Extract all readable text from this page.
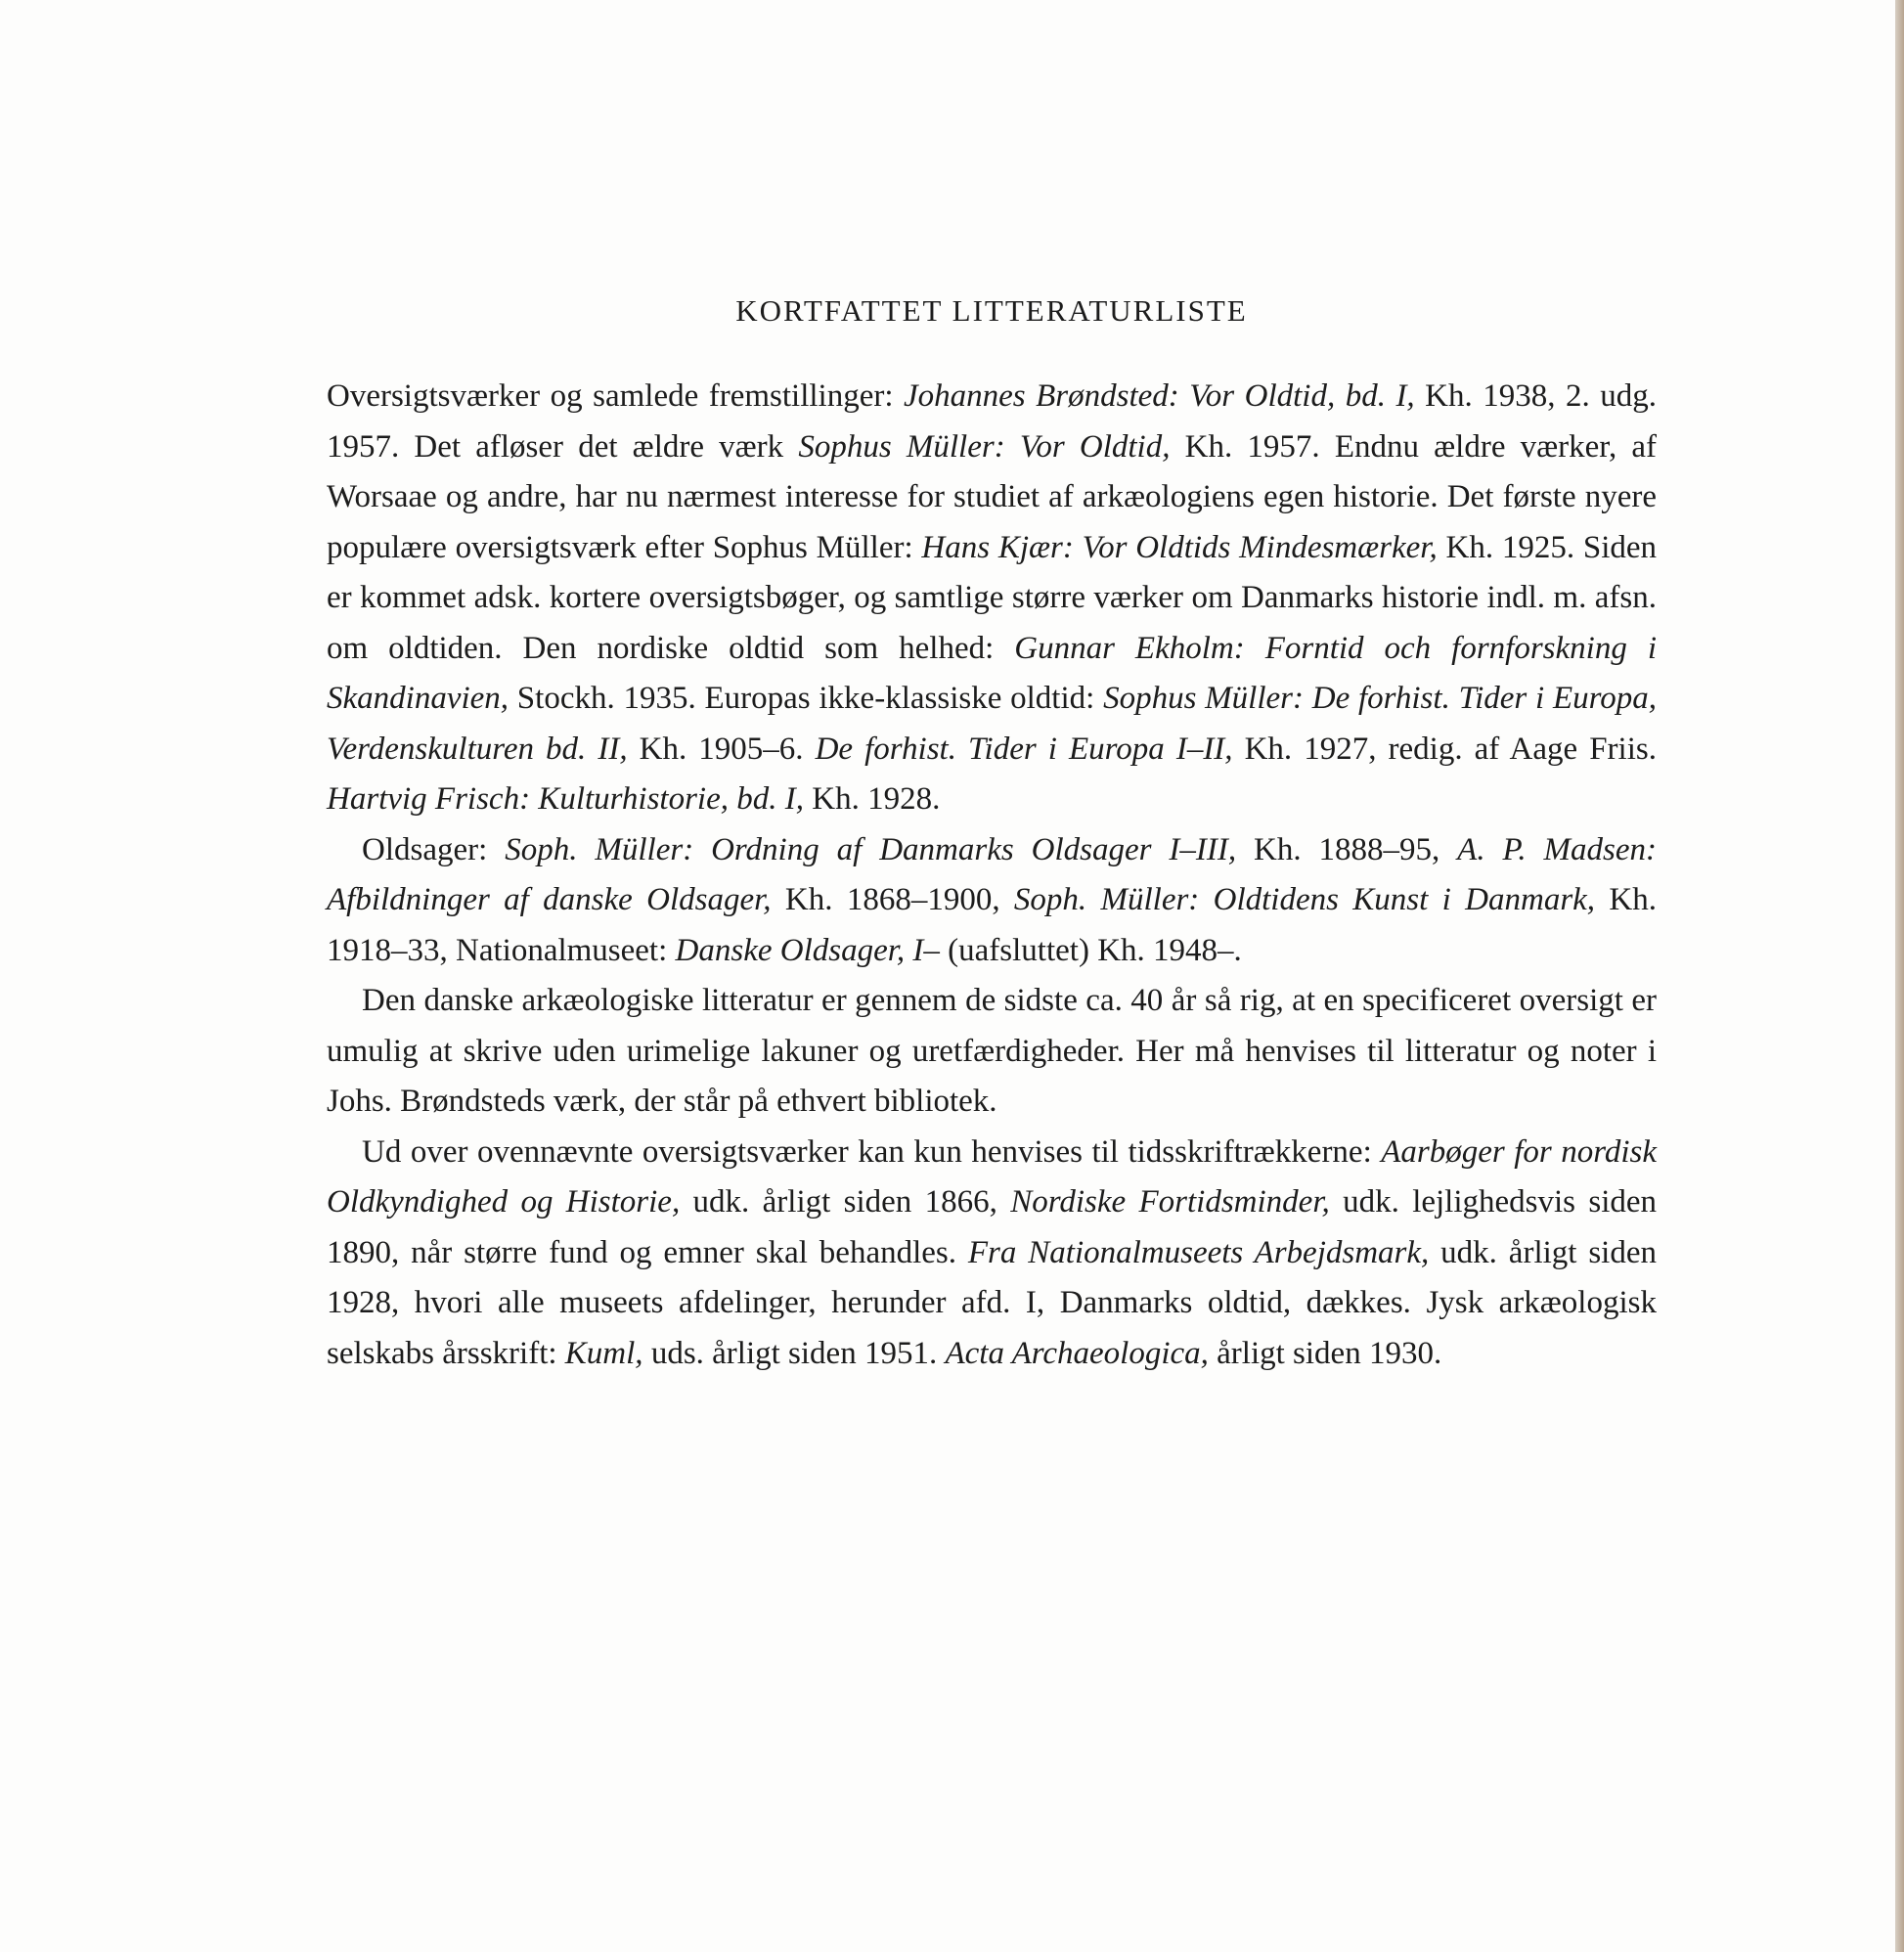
KORTFATTET LITTERATURLISTE

Oversigtsværker og samlede fremstillinger: Johannes Brøndsted: Vor Oldtid, bd. I, Kh. 1938, 2. udg. 1957. Det afløser det ældre værk Sophus Müller: Vor Oldtid, Kh. 1957. Endnu ældre værker, af Worsaae og andre, har nu nærmest interesse for studiet af arkæologiens egen historie. Det første nyere populære oversigtsværk efter Sophus Müller: Hans Kjær: Vor Oldtids Mindesmærker, Kh. 1925. Siden er kommet adsk. kortere oversigtsbøger, og samtlige større værker om Danmarks historie indl. m. afsn. om oldtiden. Den nordiske oldtid som helhed: Gunnar Ekholm: Forntid och fornforskning i Skandinavien, Stockh. 1935. Europas ikke-klassiske oldtid: Sophus Müller: De forhist. Tider i Europa, Verdenskulturen bd. II, Kh. 1905–6. De forhist. Tider i Europa I–II, Kh. 1927, redig. af Aage Friis. Hartvig Frisch: Kulturhistorie, bd. I, Kh. 1928.

Oldsager: Soph. Müller: Ordning af Danmarks Oldsager I–III, Kh. 1888–95, A. P. Madsen: Afbildninger af danske Oldsager, Kh. 1868–1900, Soph. Müller: Oldtidens Kunst i Danmark, Kh. 1918–33, Nationalmuseet: Danske Oldsager, I– (uafsluttet) Kh. 1948–.

Den danske arkæologiske litteratur er gennem de sidste ca. 40 år så rig, at en specificeret oversigt er umulig at skrive uden urimelige lakuner og uretfærdigheder. Her må henvises til litteratur og noter i Johs. Brøndsteds værk, der står på ethvert bibliotek.

Ud over ovennævnte oversigtsværker kan kun henvises til tidsskriftrækkerne: Aarbøger for nordisk Oldkyndighed og Historie, udk. årligt siden 1866, Nordiske Fortidsminder, udk. lejlighedsvis siden 1890, når større fund og emner skal behandles. Fra Nationalmuseets Arbejdsmark, udk. årligt siden 1928, hvori alle museets afdelinger, herunder afd. I, Danmarks oldtid, dækkes. Jysk arkæologisk selskabs årsskrift: Kuml, uds. årligt siden 1951. Acta Archaeologica, årligt siden 1930.
